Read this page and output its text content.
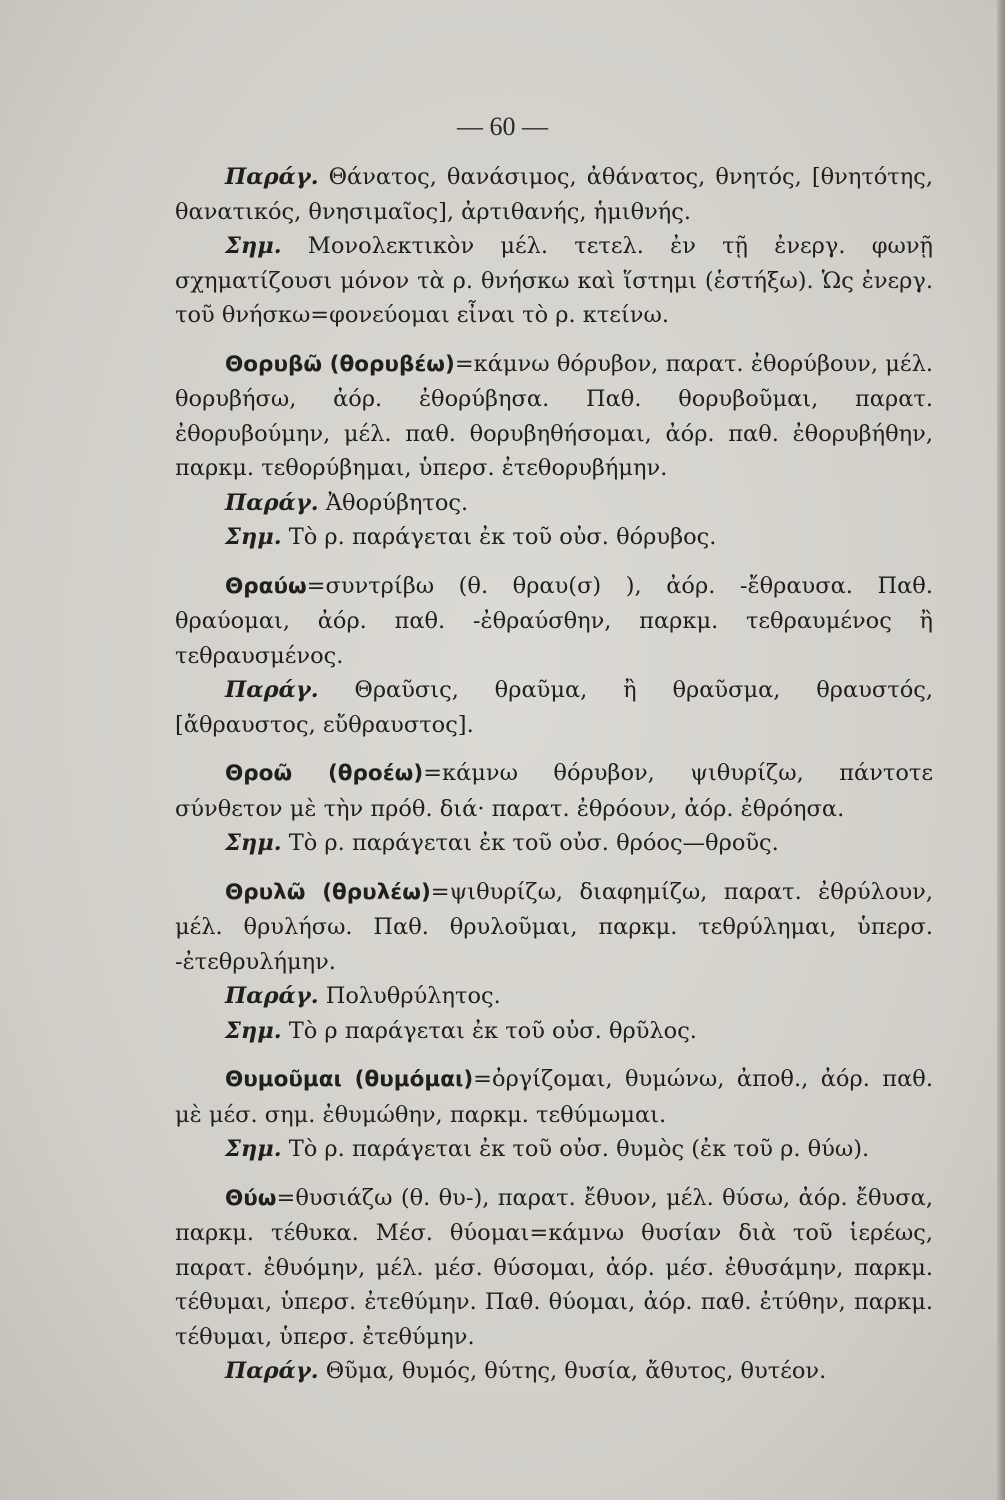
— 60 —

Παράγ. Θάνατος, θανάσιμος, ἀθάνατος, θνητός, [θνητότης, θανατικός, θνησιμαῖος], ἀρτιθανής, ἡμιθνής.

Σημ. Μονολεκτικὸν μέλ. τετελ. ἐν τῇ ἐνεργ. φωνῇ σχηματίζουσι μόνον τὰ ρ. θνήσκω καὶ ἵστημι (ἑστήξω). Ὡς ἐνεργ. τοῦ θνήσκω=φονεύομαι εἶναι τὸ ρ. κτείνω.

Θορυβῶ (θορυβέω)=κάμνω θόρυβον, παρατ. ἐθορύβουν, μέλ. θορυβήσω, ἀόρ. ἐθορύβησα. Παθ. θορυβοῦμαι, παρατ. ἐθορυβούμην, μέλ. παθ. θορυβηθήσομαι, ἀόρ. παθ. ἐθορυβήθην, παρκμ. τεθορύβημαι, ὑπερσ. ἐτεθορυβήμην.

Παράγ. Ἀθορύβητος.

Σημ. Τὸ ρ. παράγεται ἐκ τοῦ οὐσ. θόρυβος.

Θραύω=συντρίβω (θ. θραυ(σ) ), ἀόρ. -ἔθραυσα. Παθ. θραύομαι, ἀόρ. παθ. -ἐθραύσθην, παρκμ. τεθραυμένος ἢ τεθραυσμένος.

Παράγ. Θραῦσις, θραῦμα, ἢ θραῦσμα, θραυστός, [ἄθραυστος, εὔθραυστος].

Θροῶ (θροέω)=κάμνω θόρυβον, ψιθυρίζω, πάντοτε σύνθετον μὲ τὴν πρόθ. διά· παρατ. ἐθρόουν, ἀόρ. ἐθρόησα.

Σημ. Τὸ ρ. παράγεται ἐκ τοῦ οὐσ. θρόος—θροῦς.

Θρυλῶ (θρυλέω)=ψιθυρίζω, διαφημίζω, παρατ. ἐθρύλουν, μέλ. θρυλήσω. Παθ. θρυλοῦμαι, παρκμ. τεθρύλημαι, ὑπερσ. -ἐτεθρυλήμην.

Παράγ. Πολυθρύλητος.

Σημ. Τὸ ρ παράγεται ἐκ τοῦ οὐσ. θρῦλος.

Θυμοῦμαι (θυμόμαι)=ὀργίζομαι, θυμώνω, ἀποθ., ἀόρ. παθ. μὲ μέσ. σημ. ἐθυμώθην, παρκμ. τεθύμωμαι.

Σημ. Τὸ ρ. παράγεται ἐκ τοῦ οὐσ. θυμὸς (ἐκ τοῦ ρ. θύω).

Θύω=θυσιάζω (θ. θυ-), παρατ. ἔθυον, μέλ. θύσω, ἀόρ. ἔθυσα, παρκμ. τέθυκα. Μέσ. θύομαι=κάμνω θυσίαν διὰ τοῦ ἱερέως, παρατ. ἐθυόμην, μέλ. μέσ. θύσομαι, ἀόρ. μέσ. ἐθυσάμην, παρκμ. τέθυμαι, ὑπερσ. ἐτεθύμην. Παθ. θύομαι, ἀόρ. παθ. ἐτύθην, παρκμ. τέθυμαι, ὑπερσ. ἐτεθύμην.

Παράγ. Θῦμα, θυμός, θύτης, θυσία, ἄθυτος, θυτέον.
